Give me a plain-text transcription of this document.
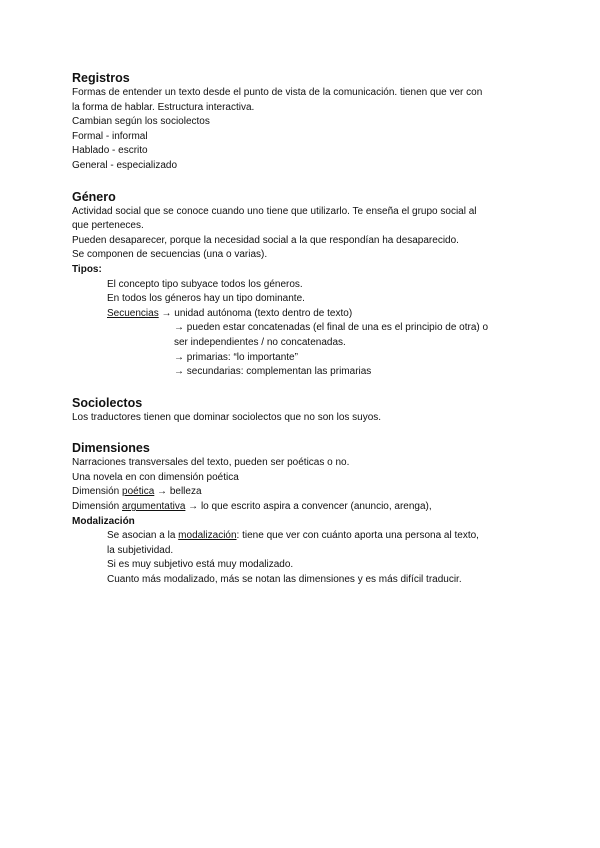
Registros

Formas de entender un texto desde el punto de vista de la comunicación. tienen que ver con

la forma de hablar. Estructura interactiva.

Cambian según los sociolectos

Formal - informal

Hablado - escrito

General - especializado

Género

Actividad social que se conoce cuando uno tiene que utilizarlo. Te enseña el grupo social al

que perteneces.

Pueden desaparecer, porque la necesidad social a la que respondían ha desaparecido.

Se componen de secuencias (una o varias).

Tipos:

El concepto tipo subyace todos los géneros.

En todos los géneros hay un tipo dominante.

Secuencias → unidad autónoma (texto dentro de texto)

→ pueden estar concatenadas (el final de una es el principio de otra) o

ser independientes / no concatenadas.

→ primarias: “lo importante”

→ secundarias: complementan las primarias

Sociolectos

Los traductores tienen que dominar sociolectos que no son los suyos.

Dimensiones

Narraciones transversales del texto, pueden ser poéticas o no.

Una novela en con dimensión poética

Dimensión poética → belleza

Dimensión argumentativa → lo que escrito aspira a convencer (anuncio, arenga),

Modalización

Se asocian a la modalización: tiene que ver con cuánto aporta una persona al texto,

la subjetividad.

Si es muy subjetivo está muy modalizado.

Cuanto más modalizado, más se notan las dimensiones y es más difícil traducir.
